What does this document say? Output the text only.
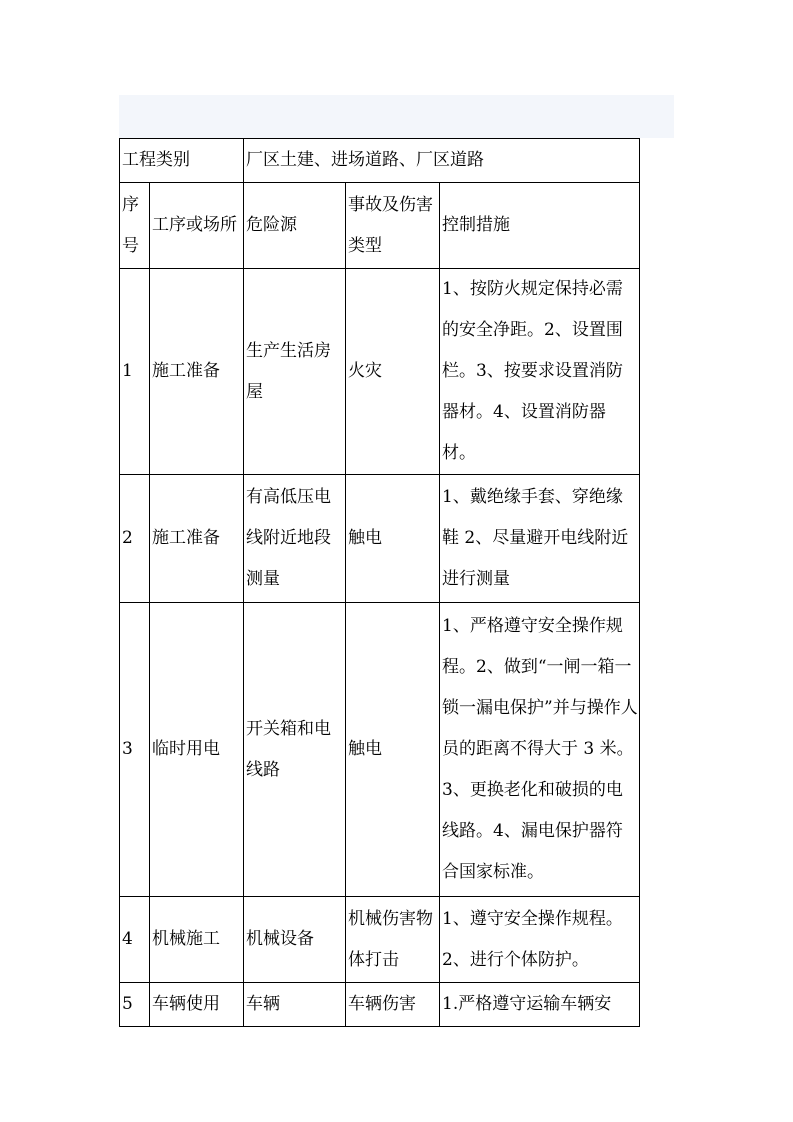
工程类别		厂区土建、进场道路、厂区道路		
序号	工序或场所	危险源	事故及伤害类型	控制措施
1	施工准备	生产生活房屋	火灾	1、按防火规定保持必需的安全净距。2、设置围栏。3、按要求设置消防器材。4、设置消防器材。
2	施工准备	有高低压电线附近地段测量	触电	1、戴绝缘手套、穿绝缘鞋 2、尽量避开电线附近进行测量
3	临时用电	开关箱和电线路	触电	1、严格遵守安全操作规程。2、做到“一闸一箱一锁一漏电保护”并与操作人员的距离不得大于 3 米。3、更换老化和破损的电线路。4、漏电保护器符合国家标准。
4	机械施工	机械设备	机械伤害物体打击	1、遵守安全操作规程。2、进行个体防护。
5	车辆使用	车辆	车辆伤害	1.严格遵守运输车辆安
